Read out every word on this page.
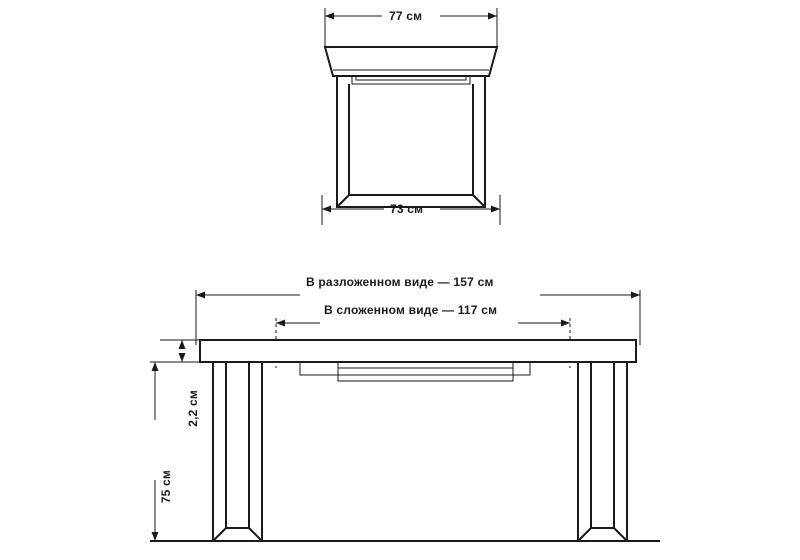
77 см
73 см
В разложенном виде — 157 см
В сложенном виде — 117 см
2,2 см
75 см
